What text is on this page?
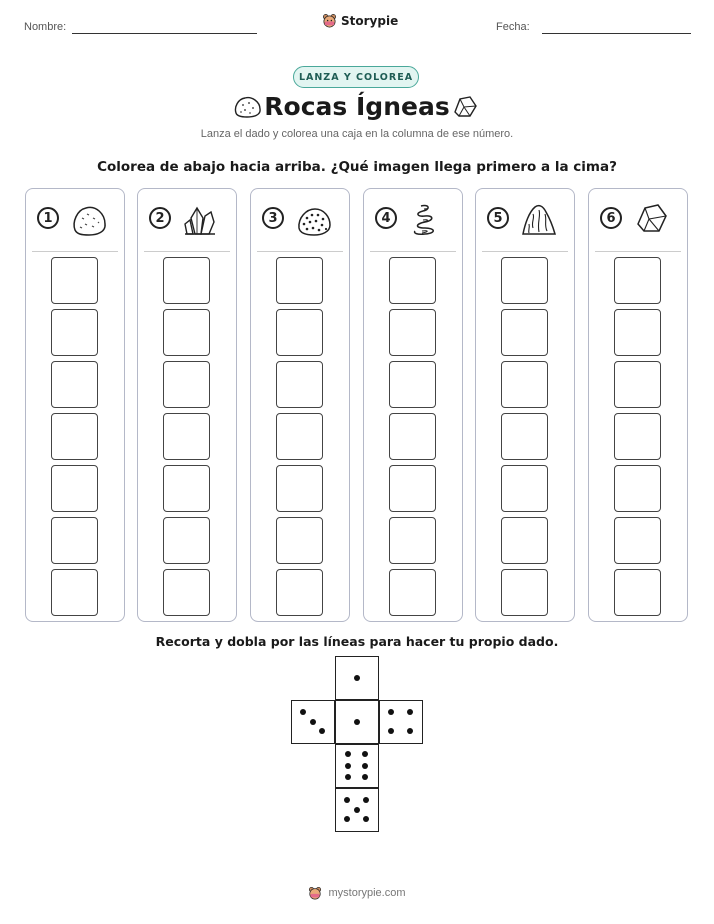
Nombre:	Storypie	Fecha:
LANZA Y COLOREA
Rocas Ígneas
Lanza el dado y colorea una caja en la columna de ese número.
Colorea de abajo hacia arriba. ¿Qué imagen llega primero a la cima?
1	2	3	4	5	6
Recorta y dobla por las líneas para hacer tu propio dado.
mystorypie.com
